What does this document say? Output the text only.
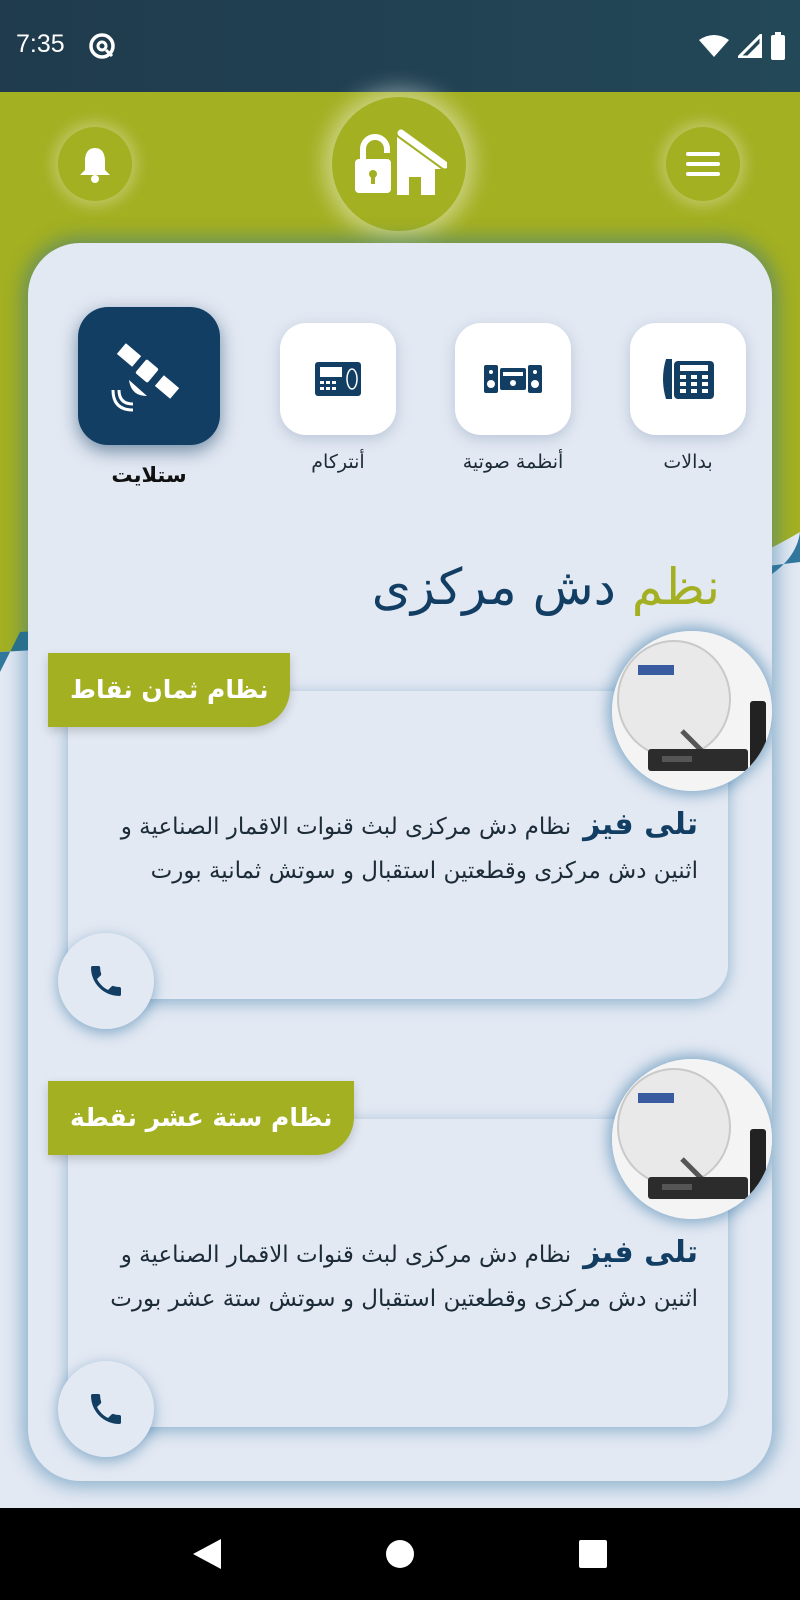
7:35
ستلايت
أنتركام	أنظمة صوتية	بدالات
نظم دش مركزى
نظام ثمان نقاط
تلى فيزنظام دش مركزى لبث قنوات الاقمار الصناعية و اثنين دش مركزى وقطعتين استقبال و سوتش ثمانية بورت
نظام ستة عشر نقطة
تلى فيزنظام دش مركزى لبث قنوات الاقمار الصناعية و اثنين دش مركزى وقطعتين استقبال و سوتش ستة عشر بورت
